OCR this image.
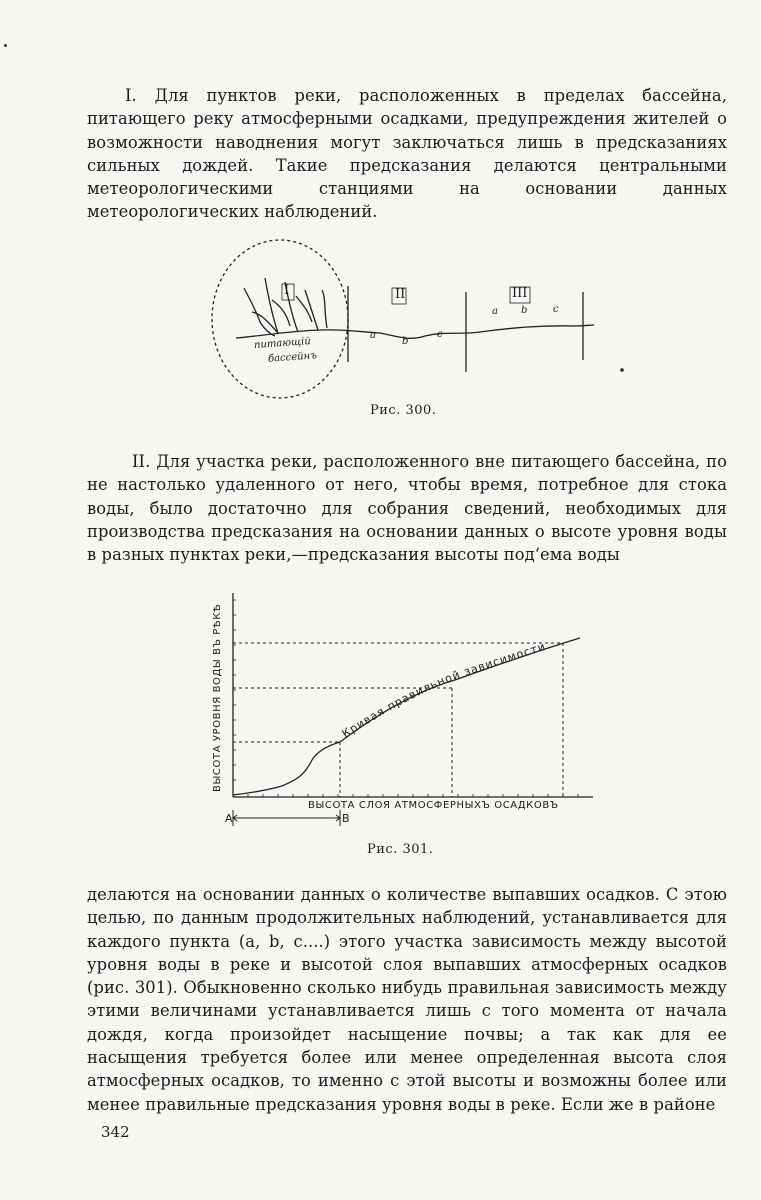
I. Для пунктов реки, расположенных в пределах бассейна, питающего реку атмосферными осадками, предупреждения жителей о возможности наводнения могут заключаться лишь в предсказаниях сильных дождей. Такие предсказания делаются центральными метеорологическими станциями на основании данных метеорологических наблюдений.

I	II	III
питающій
бассейнъ
a
b
c
a b	c
Рис. 300.

II. Для участка реки, расположенного вне питающего бассейна, по не настолько удаленного от него, чтобы время, потребное для стока воды, было достаточно для собрания сведений, необходимых для производства предсказания на основании данных о высоте уровня воды в разных пунктах реки,—предсказания высоты под‘ема воды

Кривая правильной зависимости
ВЫСОТА УРОВНЯ ВОДЫ ВЪ РѢКѢ
ВЫСОТА СЛОЯ АТМОСФЕРНЫХЪ ОСАДКОВЪ
A	B
Рис. 301.

делаются на основании данных о количестве выпавших осадков. С этою целью, по данным продолжительных наблюдений, устанавливается для каждого пункта (a, b, c....) этого участка зависимость между высотой уровня воды в реке и высотой слоя выпавших атмосферных осадков (рис. 301). Обыкновенно сколько нибудь правильная зависимость между этими величинами устанавливается лишь с того момента от начала дождя, когда произойдет насыщение почвы; а так как для ее насыщения требуется более или менее определенная высота слоя атмосферных осадков, то именно с этой высоты и возможны более или менее правильные предсказания уровня воды в реке. Если же в районе

342
